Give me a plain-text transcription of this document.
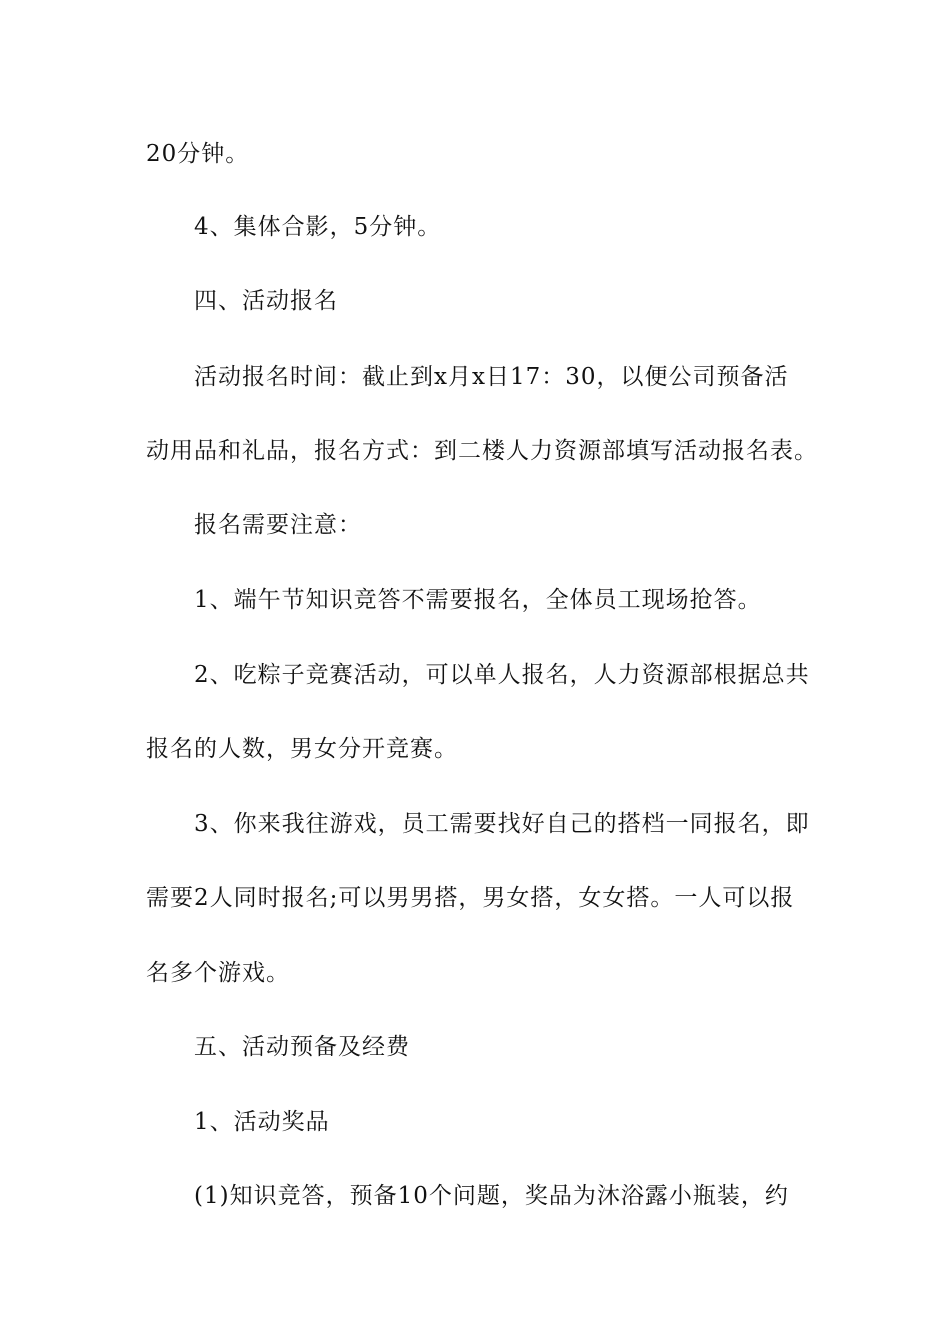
20分钟。

4、集体合影，5分钟。

四、活动报名

活动报名时间：截止到x月x日17：30，以便公司预备活

动用品和礼品，报名方式：到二楼人力资源部填写活动报名表。

报名需要注意：

1、端午节知识竞答不需要报名，全体员工现场抢答。

2、吃粽子竞赛活动，可以单人报名，人力资源部根据总共

报名的人数，男女分开竞赛。

3、你来我往游戏，员工需要找好自己的搭档一同报名，即

需要2人同时报名;可以男男搭，男女搭，女女搭。一人可以报

名多个游戏。

五、活动预备及经费

1、活动奖品

(1)知识竞答，预备10个问题，奖品为沐浴露小瓶装，约
